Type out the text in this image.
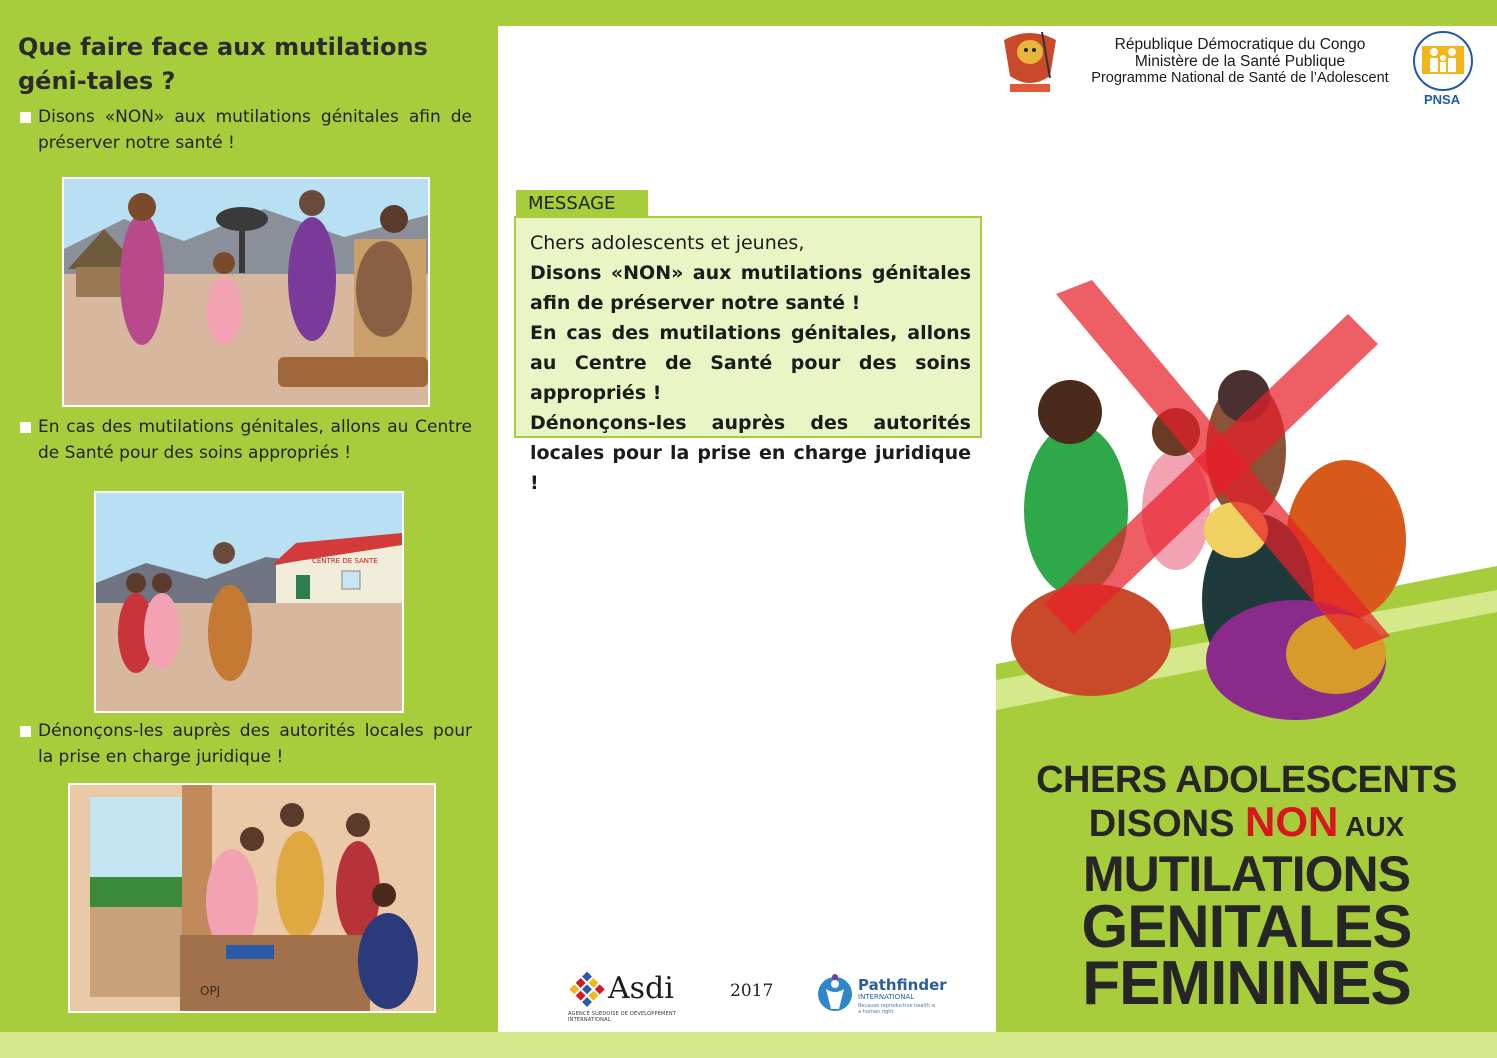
Que faire face aux mutilations géni-tales ?
Disons «NON» aux mutilations génitales afin de préserver notre santé !
En cas des mutilations génitales, allons au Centre de Santé pour des soins appropriés !
CENTRE DE SANTE
Dénonçons-les auprès des autorités locales pour la prise en charge juridique !
OPJ
MESSAGE
Chers adolescents et jeunes,
Disons «NON» aux mutilations génitales afin de préserver notre santé !
En cas des mutilations génitales, allons au Centre de Santé pour des soins appropriés !
Dénonçons-les auprès des autorités locales pour la prise en charge juridique !
Asdi
AGENCE SUEDOISE DE DEVELOPPEMENT INTERNATIONAL
2017	Pathfinder
INTERNATIONAL
Because reproductive health is a human right
République Démocratique du Congo
Ministère de la Santé Publique
Programme National de Santé de l’Adolescent
PNSA
CHERS ADOLESCENTS
DISONS NON AUX
MUTILATIONS
GENITALES
FEMININES
